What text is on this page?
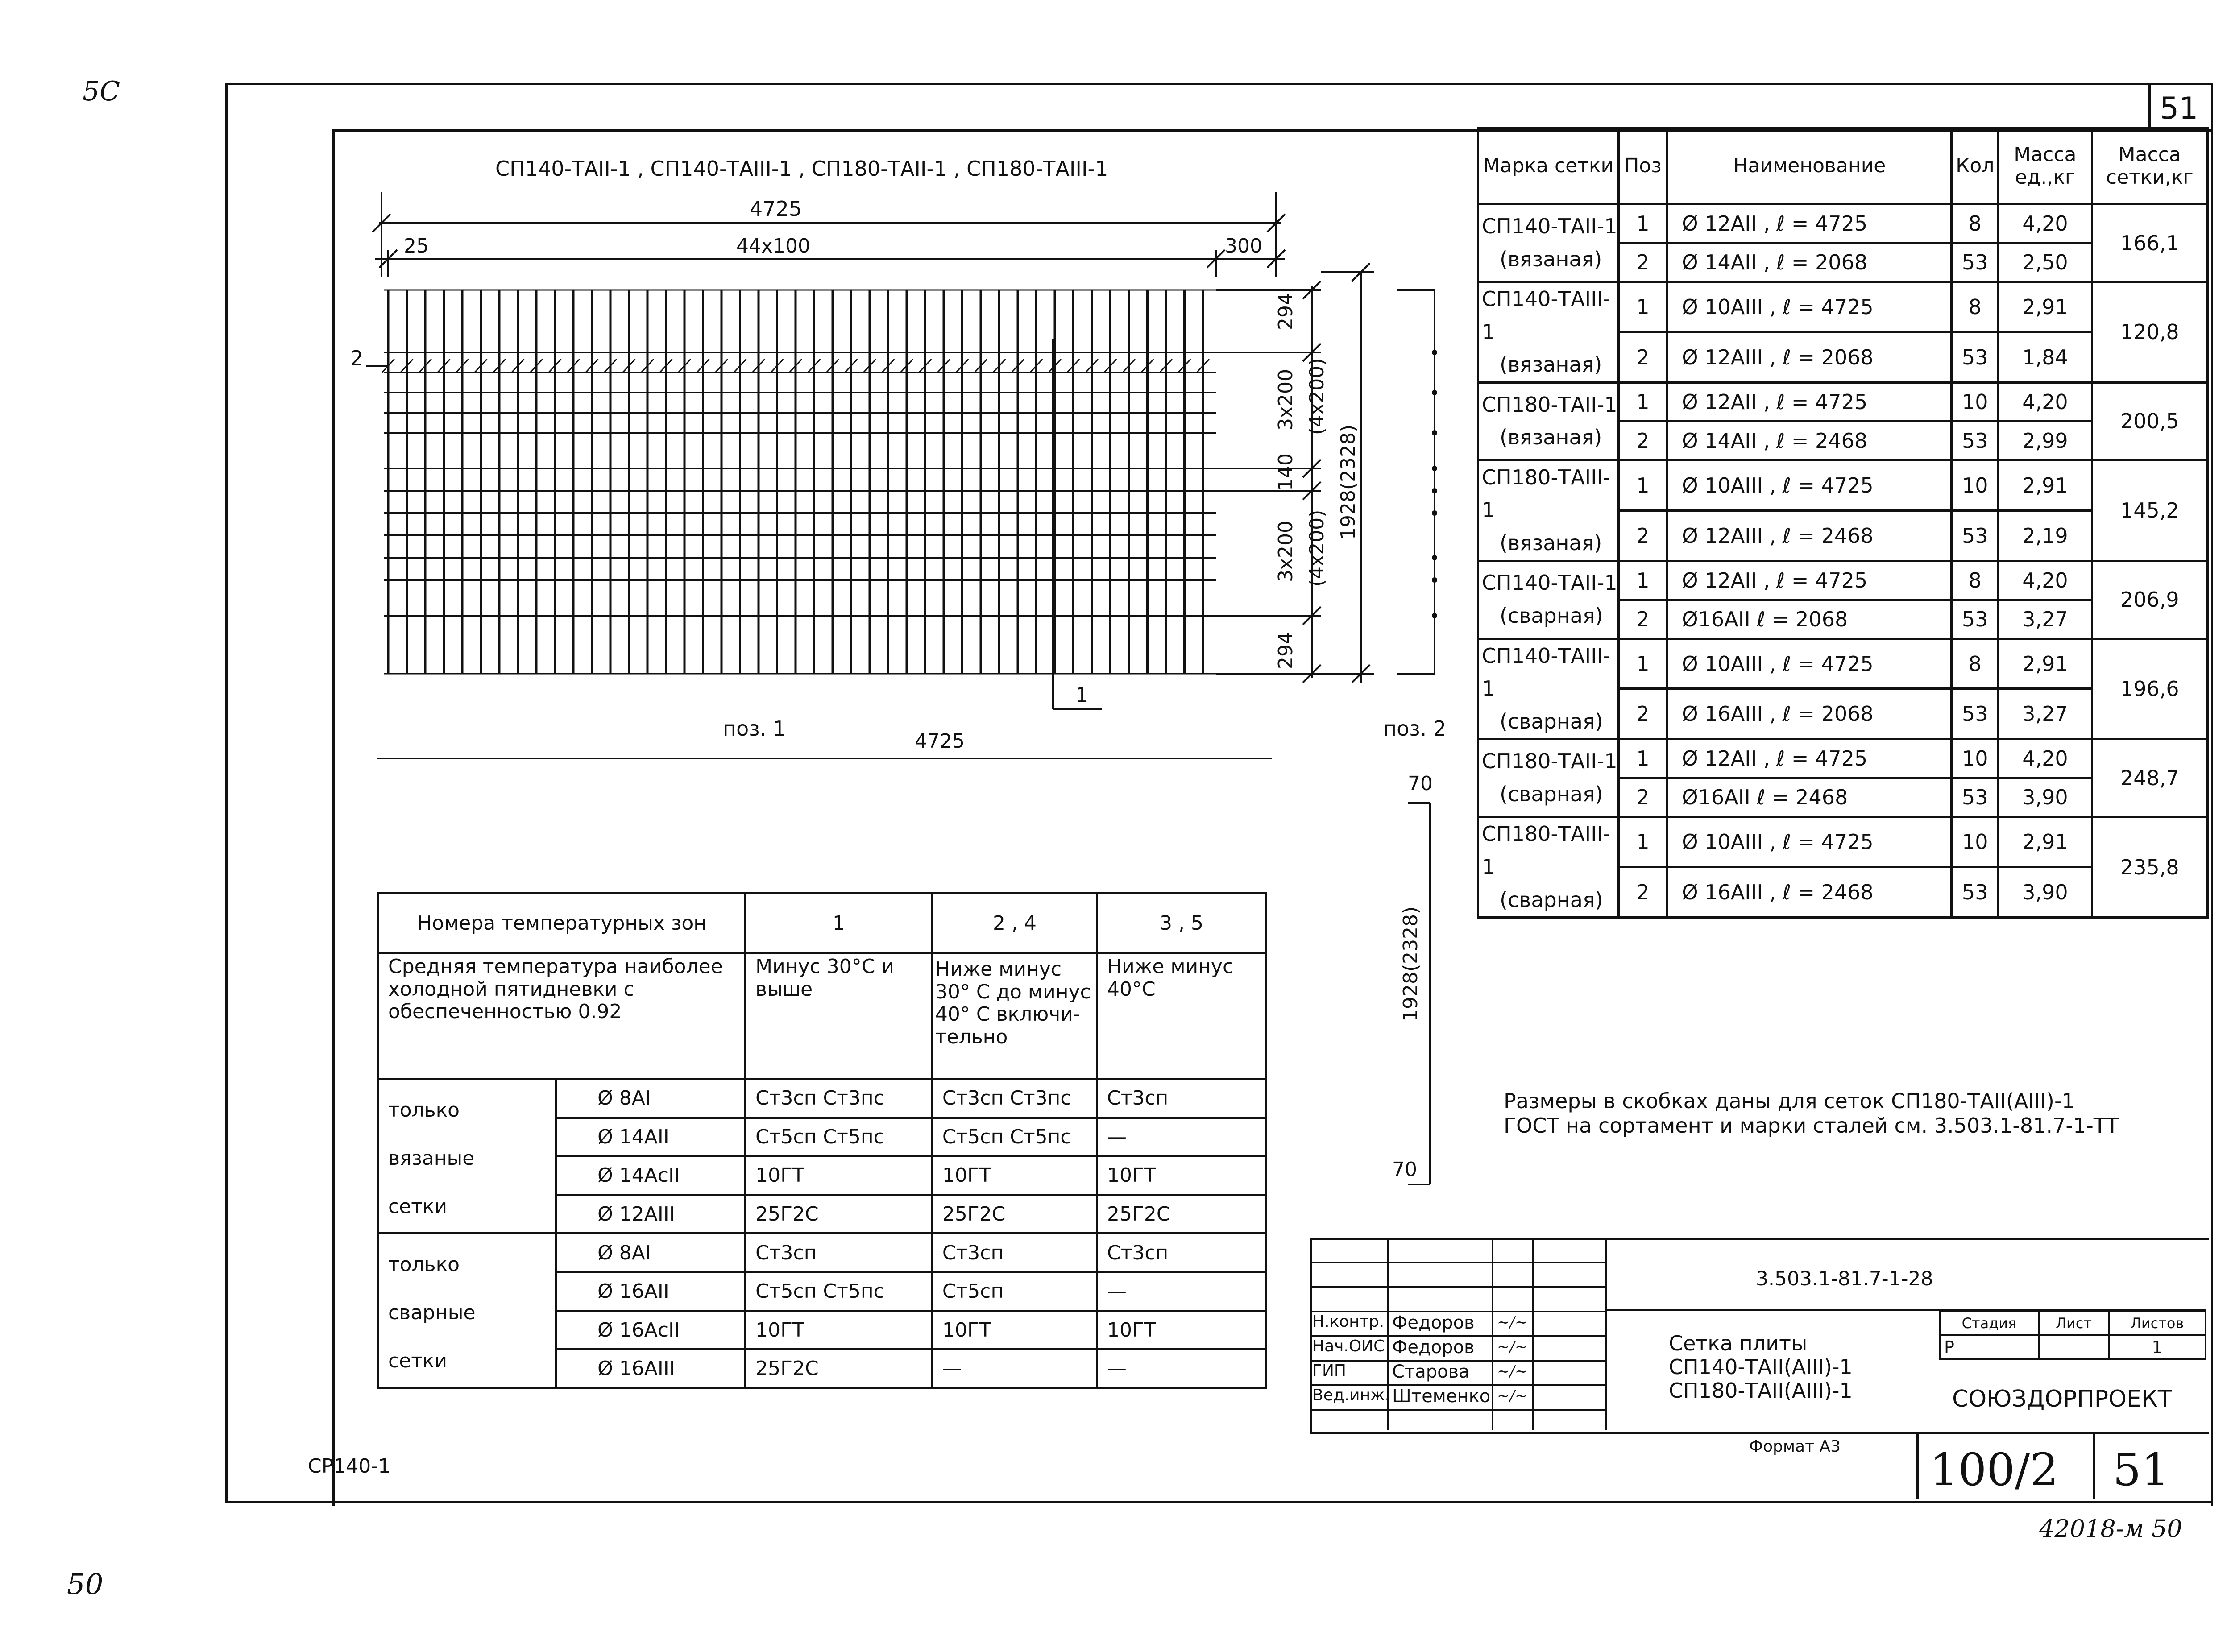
5C
50
42018-м 50
51
СП140-ТАII-1 , СП140-ТАIII-1 , СП180-ТАII-1 , СП180-ТАIII-1
4725
25	44х100	300
2
1
294
3х200 (4х200)
140 1928(2328)
3х200 (4х200)
294
поз. 1
4725
поз. 2
70
1928(2328)
70
Марка сетки	Поз	Наименование	Кол	Масса ед.,кг	Масса сетки,кг

СП140-ТАII-1
(вязаная)	1	Ø 12АII , ℓ = 4725	8	4,20	166,1
	2	Ø 14АII , ℓ = 2068	53	2,50	

СП140-ТАIII-1
(вязаная)	1	Ø 10АIII , ℓ = 4725	8	2,91	120,8
	2	Ø 12АIII , ℓ = 2068	53	1,84	

СП180-ТАII-1
(вязаная)	1	Ø 12АII , ℓ = 4725	10	4,20	200,5
	2	Ø 14АII , ℓ = 2468	53	2,99	

СП180-ТАIII-1
(вязаная)	1	Ø 10АIII , ℓ = 4725	10	2,91	145,2
	2	Ø 12АIII , ℓ = 2468	53	2,19	

СП140-ТАII-1
(сварная)	1	Ø 12АII , ℓ = 4725	8	4,20	206,9
	2	Ø16АII ℓ = 2068	53	3,27	

СП140-ТАIII-1
(сварная)	1	Ø 10АIII , ℓ = 4725	8	2,91	196,6
	2	Ø 16АIII , ℓ = 2068	53	3,27	

СП180-ТАII-1
(сварная)	1	Ø 12АII , ℓ = 4725	10	4,20	248,7
	2	Ø16АII ℓ = 2468	53	3,90	

СП180-ТАIII-1
(сварная)	1	Ø 10АIII , ℓ = 4725	10	2,91	235,8
	2	Ø 16АIII , ℓ = 2468	53	3,90	
Номера температурных зон		1	2 , 4	3 , 5
Средняя температура наиболее холодной пятидневки с обеспеченностью 0.92		Минус 30°С и выше	Ниже минус 30° С до минус 40° С включи- тельно	Ниже минус 40°С

только
вязаные
сетки	Ø 8АI	Ст3сп Ст3пс	Ст3сп Ст3пс	Ст3сп
	Ø 14АII	Ст5сп Ст5пс	Ст5сп Ст5пс	—
	Ø 14АсII	10ГТ	10ГТ	10ГТ
	Ø 12АIII	25Г2С	25Г2С	25Г2С

только
сварные
сетки	Ø 8АI	Ст3сп	Ст3сп	Ст3сп
	Ø 16АII	Ст5сп Ст5пс	Ст5сп	—
	Ø 16АсII	10ГТ	10ГТ	10ГТ
	Ø 16АIII	25Г2С	—	—
Размеры в скобках даны для сеток СП180-ТАII(АIII)-1
ГОСТ на сортамент и марки сталей см. 3.503.1-81.7-1-ТТ
3.503.1-81.7-1-28
Сетка плиты
СП140-ТАII(АIII)-1
СП180-ТАII(АIII)-1
Стадия	Лист	Листов
Р		1
СОЮЗДОРПРОЕКТ
Формат А3 100/2 51
Н.контр. Федоров ~∕~
Нач.ОИС Федоров ~∕~
ГИП	Старова ~∕~
Вед.инж. Штеменко ~∕~
СР140-1
